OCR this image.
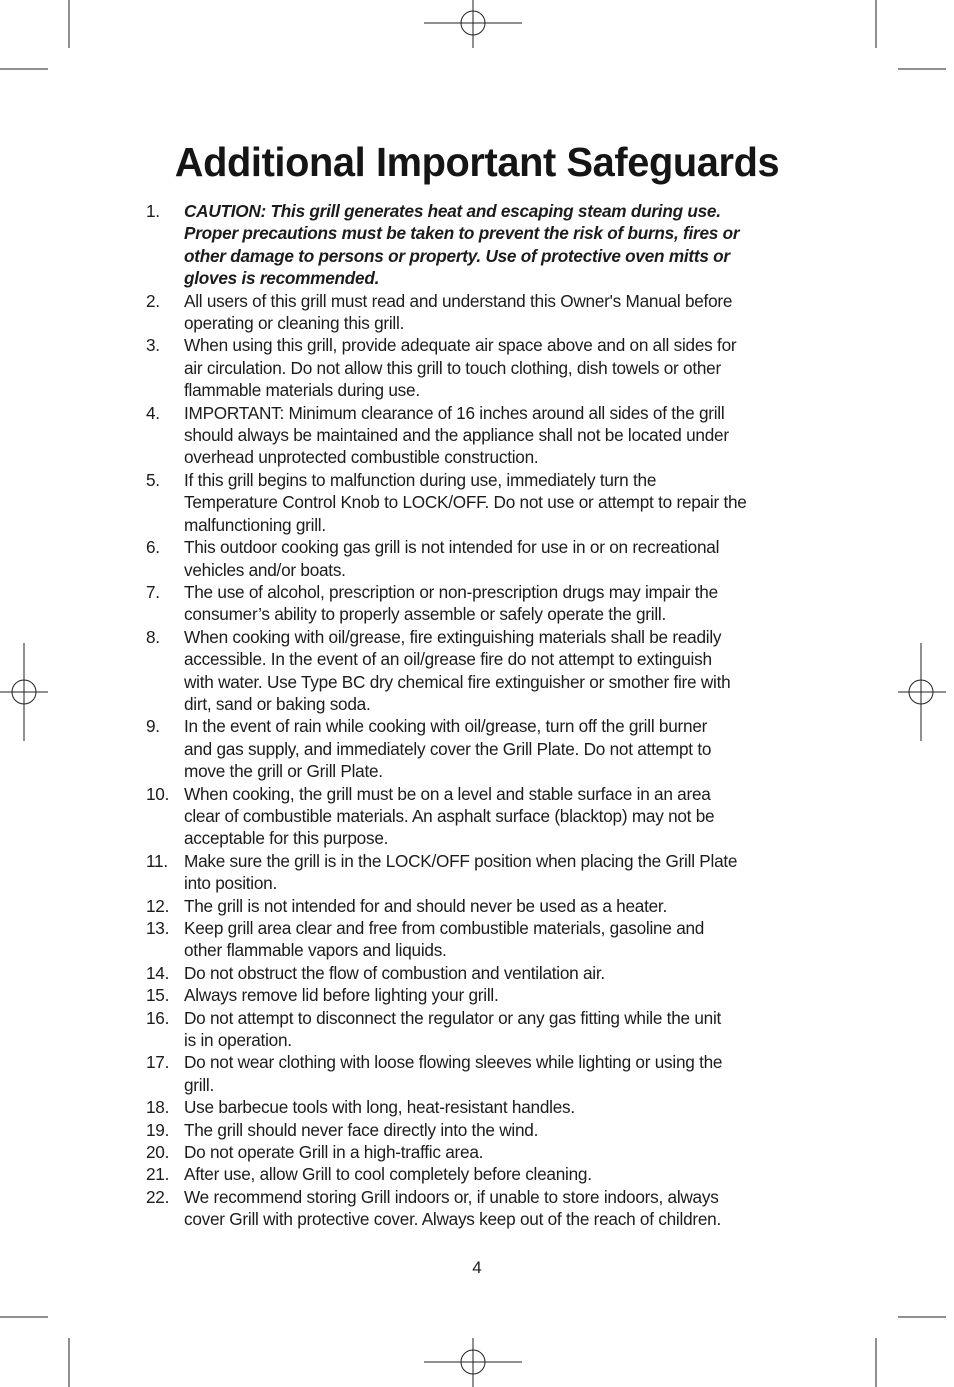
Additional Important Safeguards
1.	CAUTION: This grill generates heat and escaping steam during use.
Proper precautions must be taken to prevent the risk of burns, fires or
other damage to persons or property. Use of protective oven mitts or
gloves is recommended.
2.	All users of this grill must read and understand this Owner's Manual before
operating or cleaning this grill.
3.	When using this grill, provide adequate air space above and on all sides for
air circulation. Do not allow this grill to touch clothing, dish towels or other
flammable materials during use.
4.	IMPORTANT: Minimum clearance of 16 inches around all sides of the grill
should always be maintained and the appliance shall not be located under
overhead unprotected combustible construction.
5.	If this grill begins to malfunction during use, immediately turn the
Temperature Control Knob to LOCK/OFF. Do not use or attempt to repair the
malfunctioning grill.
6.	This outdoor cooking gas grill is not intended for use in or on recreational
vehicles and/or boats.
7.	The use of alcohol, prescription or non-prescription drugs may impair the
consumer’s ability to properly assemble or safely operate the grill.
8.	When cooking with oil/grease, fire extinguishing materials shall be readily
accessible. In the event of an oil/grease fire do not attempt to extinguish
with water. Use Type BC dry chemical fire extinguisher or smother fire with
dirt, sand or baking soda.
9.	In the event of rain while cooking with oil/grease, turn off the grill burner
and gas supply, and immediately cover the Grill Plate. Do not attempt to
move the grill or Grill Plate.
10. When cooking, the grill must be on a level and stable surface in an area
clear of combustible materials. An asphalt surface (blacktop) may not be
acceptable for this purpose.
11. Make sure the grill is in the LOCK/OFF position when placing the Grill Plate
into position.
12. The grill is not intended for and should never be used as a heater.
13. Keep grill area clear and free from combustible materials, gasoline and
other flammable vapors and liquids.
14. Do not obstruct the flow of combustion and ventilation air.
15. Always remove lid before lighting your grill.
16. Do not attempt to disconnect the regulator or any gas fitting while the unit
is in operation.
17. Do not wear clothing with loose flowing sleeves while lighting or using the
grill.
18. Use barbecue tools with long, heat-resistant handles.
19. The grill should never face directly into the wind.
20. Do not operate Grill in a high-traffic area.
21. After use, allow Grill to cool completely before cleaning.
22. We recommend storing Grill indoors or, if unable to store indoors, always
cover Grill with protective cover. Always keep out of the reach of children.
4
